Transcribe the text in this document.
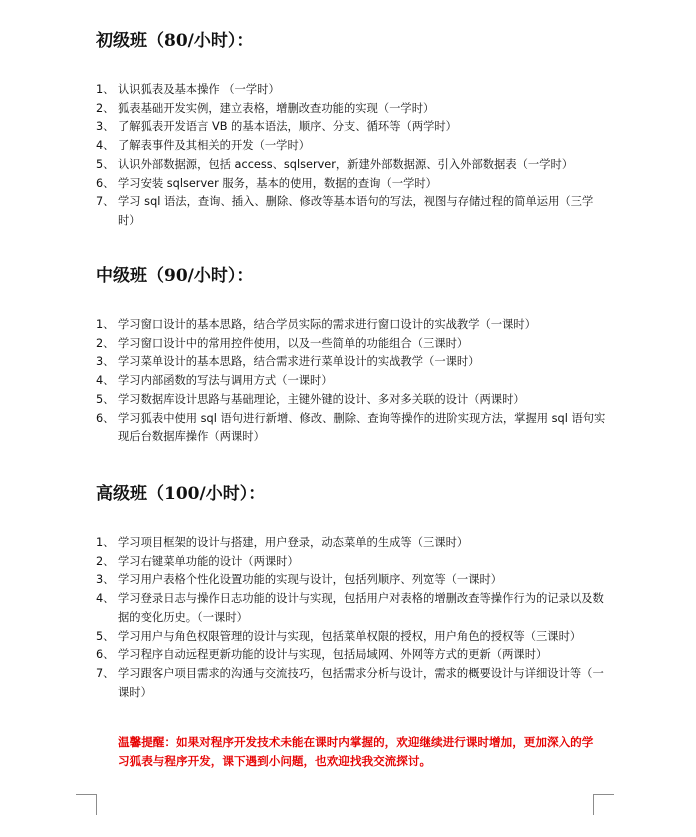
初级班（80/小时）：
1、 认识狐表及基本操作 （一学时）
2、 狐表基础开发实例，建立表格，增删改查功能的实现（一学时）
3、 了解狐表开发语言 VB 的基本语法，顺序、分支、循环等（两学时）
4、 了解表事件及其相关的开发（一学时）
5、 认识外部数据源，包括 access、sqlserver，新建外部数据源、引入外部数据表（一学时）
6、 学习安装 sqlserver 服务，基本的使用，数据的查询（一学时）
7、 学习 sql 语法，查询、插入、删除、修改等基本语句的写法，视图与存储过程的简单运用（三学时）
中级班（90/小时）：
1、 学习窗口设计的基本思路，结合学员实际的需求进行窗口设计的实战教学（一课时）
2、 学习窗口设计中的常用控件使用，以及一些简单的功能组合（三课时）
3、 学习菜单设计的基本思路，结合需求进行菜单设计的实战教学（一课时）
4、 学习内部函数的写法与调用方式（一课时）
5、 学习数据库设计思路与基础理论，主键外键的设计、多对多关联的设计（两课时）
6、 学习狐表中使用 sql 语句进行新增、修改、删除、查询等操作的进阶实现方法，掌握用 sql 语句实现后台数据库操作（两课时）
高级班（100/小时）：
1、 学习项目框架的设计与搭建，用户登录，动态菜单的生成等（三课时）
2、 学习右键菜单功能的设计（两课时）
3、 学习用户表格个性化设置功能的实现与设计，包括列顺序、列宽等（一课时）
4、 学习登录日志与操作日志功能的设计与实现，包括用户对表格的增删改查等操作行为的记录以及数据的变化历史。（一课时）
5、 学习用户与角色权限管理的设计与实现，包括菜单权限的授权，用户角色的授权等（三课时）
6、 学习程序自动远程更新功能的设计与实现，包括局域网、外网等方式的更新（两课时）
7、 学习跟客户项目需求的沟通与交流技巧，包括需求分析与设计，需求的概要设计与详细设计等（一课时）
温馨提醒：如果对程序开发技术未能在课时内掌握的，欢迎继续进行课时增加，更加深入的学习狐表与程序开发，课下遇到小问题，也欢迎找我交流探讨。
